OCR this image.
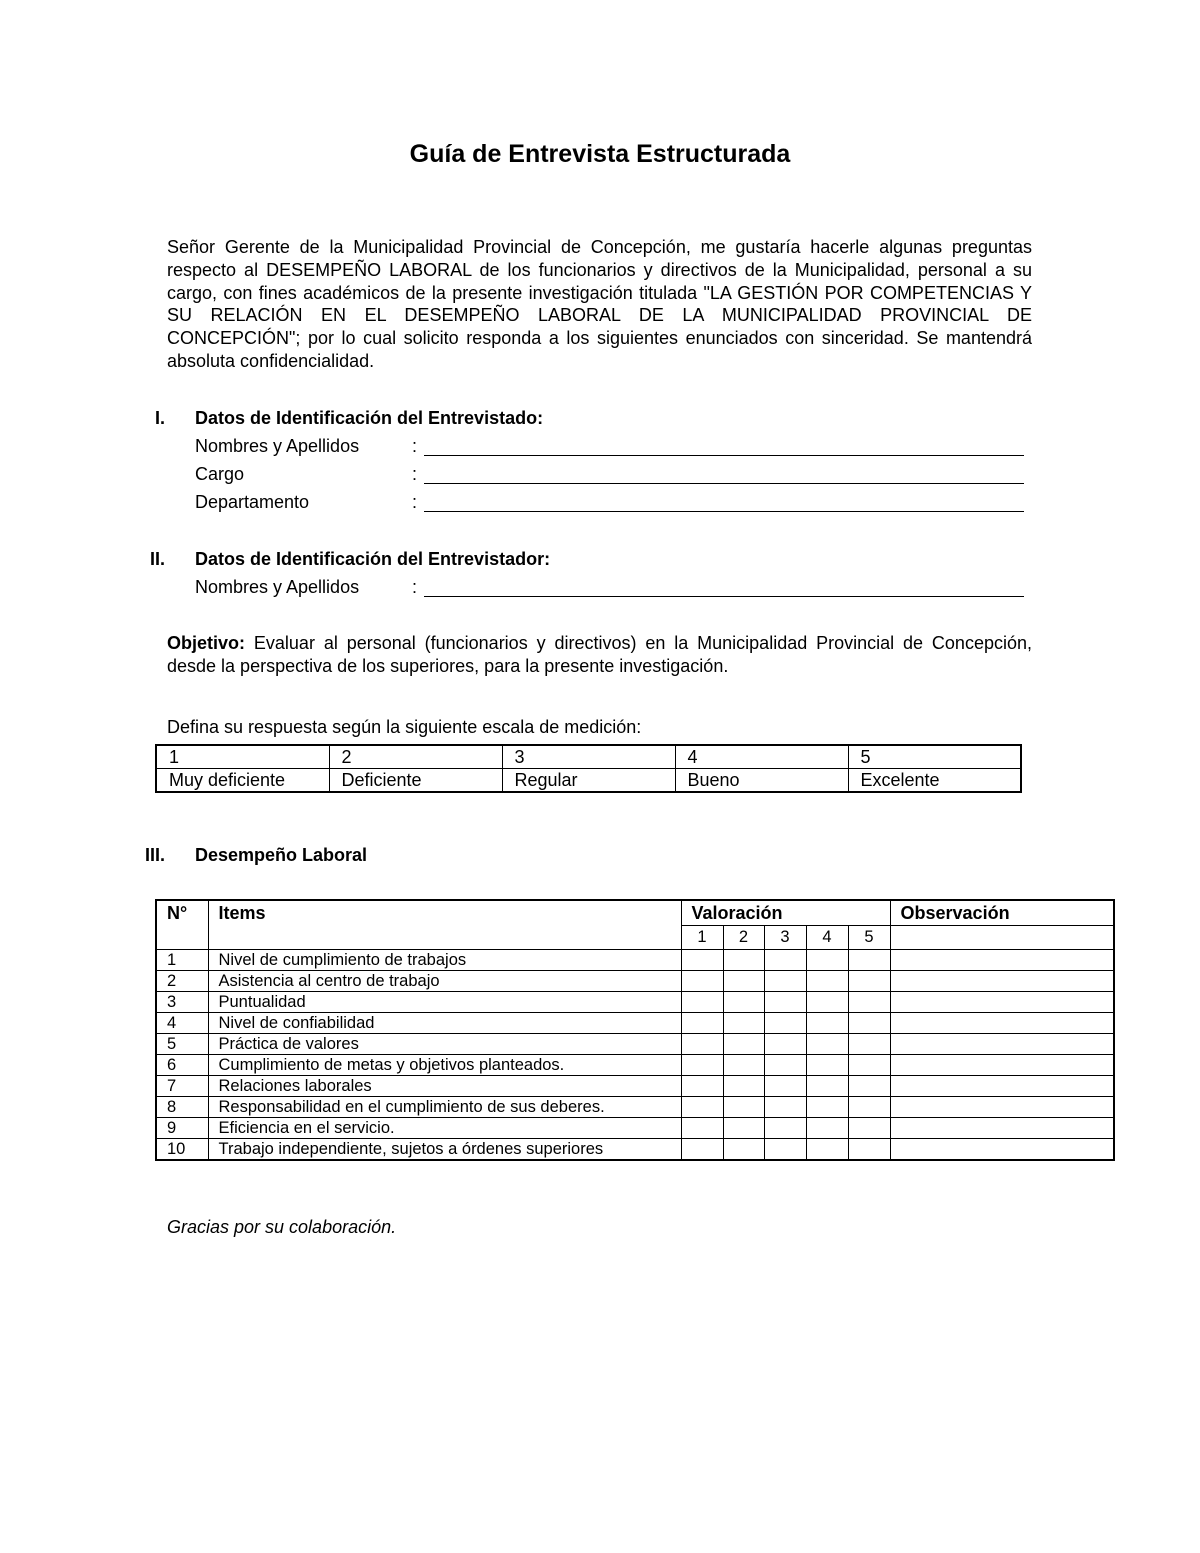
Guía de Entrevista Estructurada
Señor Gerente de la Municipalidad Provincial de Concepción, me gustaría hacerle algunas preguntas respecto al DESEMPEÑO LABORAL de los funcionarios y directivos de la Municipalidad, personal a su cargo, con fines académicos de la presente investigación titulada "LA GESTIÓN POR COMPETENCIAS Y SU RELACIÓN EN EL DESEMPEÑO LABORAL DE LA MUNICIPALIDAD PROVINCIAL DE CONCEPCIÓN"; por lo cual solicito responda a los siguientes enunciados con sinceridad. Se mantendrá absoluta confidencialidad.
I. Datos de Identificación del Entrevistado:
Nombres y Apellidos	:
Cargo	:
Departamento	:
II. Datos de Identificación del Entrevistador:
Nombres y Apellidos	:
Objetivo: Evaluar al personal (funcionarios y directivos) en la Municipalidad Provincial de Concepción, desde la perspectiva de los superiores, para la presente investigación.
Defina su respuesta según la siguiente escala de medición:
1	2	3	4	5
Muy deficiente	Deficiente	Regular	Bueno	Excelente
III. Desempeño Laboral
N°	Items	Valoración					Observación
		1	2	3	4	5	
1	Nivel de cumplimiento de trabajos						
2	Asistencia al centro de trabajo						
3	Puntualidad						
4	Nivel de confiabilidad						
5	Práctica de valores						
6	Cumplimiento de metas y objetivos planteados.						
7	Relaciones laborales						
8	Responsabilidad en el cumplimiento de sus deberes.						
9	Eficiencia en el servicio.						
10	Trabajo independiente, sujetos a órdenes superiores						
Gracias por su colaboración.
